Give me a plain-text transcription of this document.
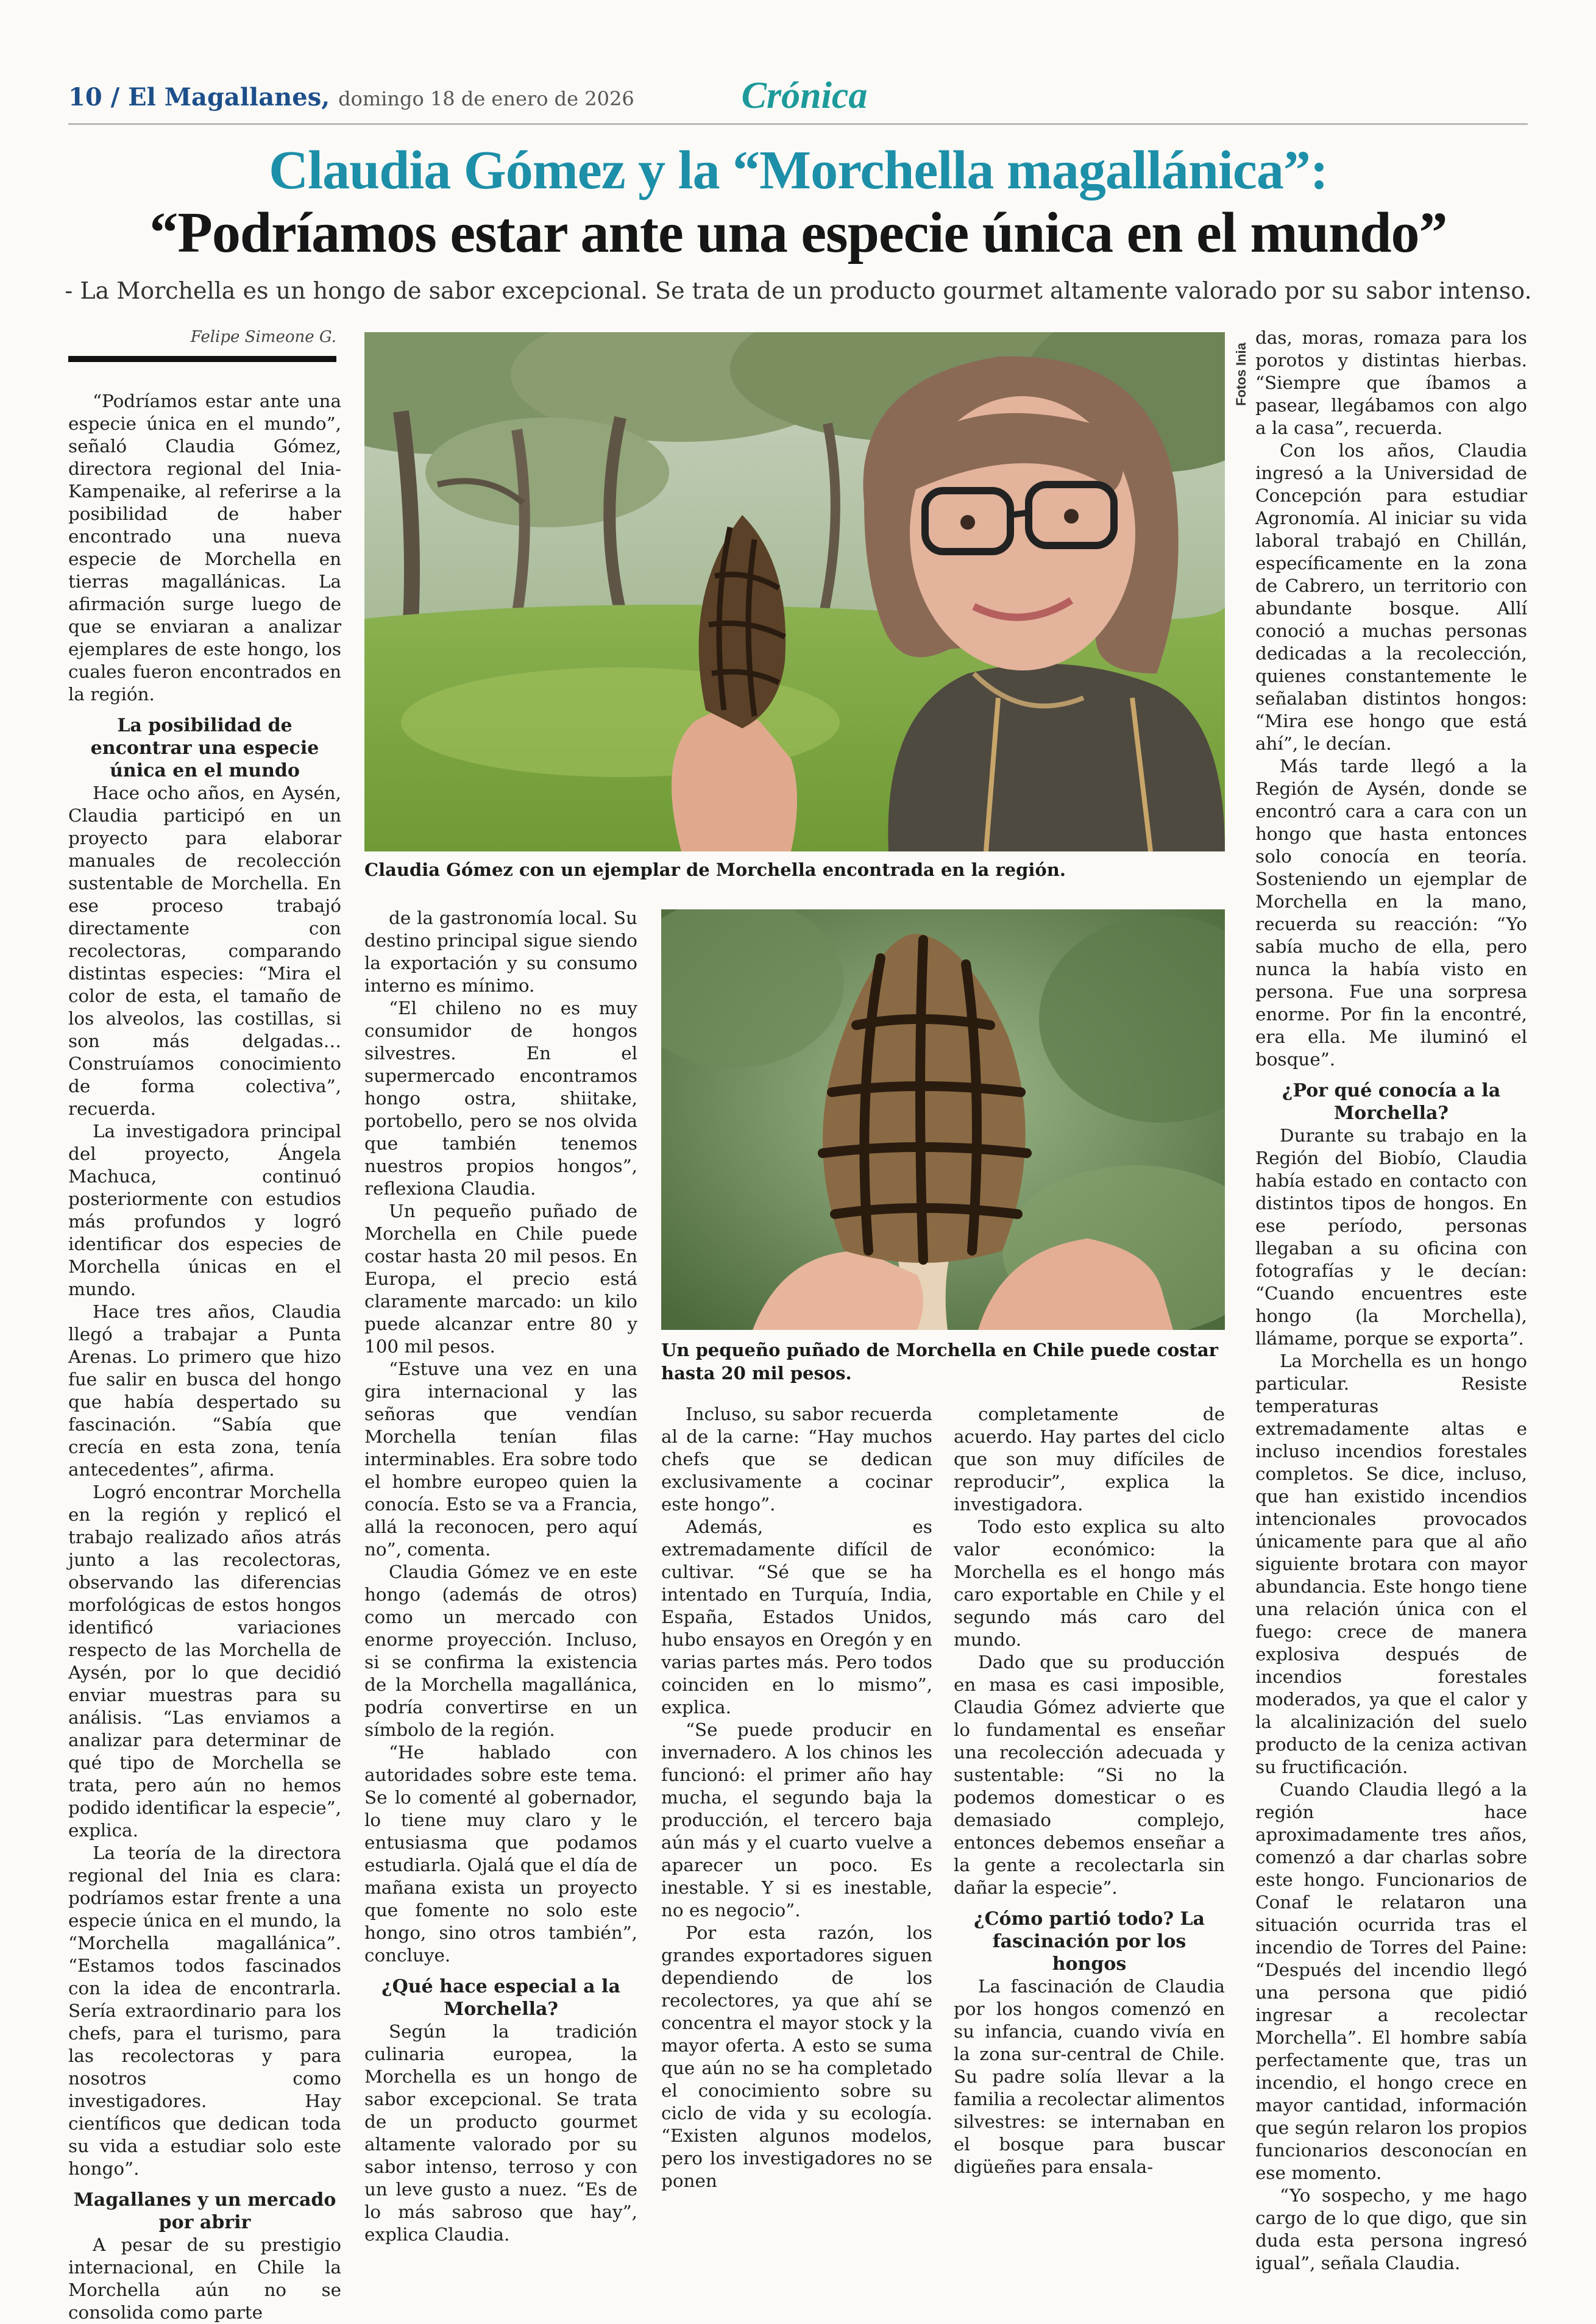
10 / El Magallanes, domingo 18 de enero de 2026	Crónica
Claudia Gómez y la “Morchella magallánica”:
“Podríamos estar ante una especie única en el mundo”
- La Morchella es un hongo de sabor excepcional. Se trata de un producto gourmet altamente valorado por su sabor intenso.
Felipe Simeone G.
Fotos Inia
Claudia Gómez con un ejemplar de Morchella encontrada en la región.
Un pequeño puñado de Morchella en Chile puede costar hasta 20 mil pesos.

“Podríamos estar ante una especie única en el mundo”, señaló Claudia Gómez, directora regional del Inia-Kampenaike, al referirse a la posibilidad de haber encontrado una nueva especie de Morchella en tierras magallánicas. La afirmación surge luego de que se enviaran a analizar ejemplares de este hongo, los cuales fueron encontrados en la región.

La posibilidad de encontrar una especie única en el mundo

Hace ocho años, en Aysén, Claudia participó en un proyecto para elaborar manuales de recolección sustentable de Morchella. En ese proceso trabajó directamente con recolectoras, comparando distintas especies: “Mira el color de esta, el tamaño de los alveolos, las costillas, si son más delgadas… Construíamos conocimiento de forma colectiva”, recuerda.

La investigadora principal del proyecto, Ángela Machuca, continuó posteriormente con estudios más profundos y logró identificar dos especies de Morchella únicas en el mundo.

Hace tres años, Claudia llegó a trabajar a Punta Arenas. Lo primero que hizo fue salir en busca del hongo que había despertado su fascinación. “Sabía que crecía en esta zona, tenía antecedentes”, afirma.

Logró encontrar Morchella en la región y replicó el trabajo realizado años atrás junto a las recolectoras, observando las diferencias morfológicas de estos hongos identificó variaciones respecto de las Morchella de Aysén, por lo que decidió enviar muestras para su análisis. “Las enviamos a analizar para determinar de qué tipo de Morchella se trata, pero aún no hemos podido identificar la especie”, explica.

La teoría de la directora regional del Inia es clara: podríamos estar frente a una especie única en el mundo, la “Morchella magallánica”. “Estamos todos fascinados con la idea de encontrarla. Sería extraordinario para los chefs, para el turismo, para las recolectoras y para nosotros como investigadores. Hay científicos que dedican toda su vida a estudiar solo este hongo”.

Magallanes y un mercado por abrir

A pesar de su prestigio internacional, en Chile la Morchella aún no se consolida como parte

de la gastronomía local. Su destino principal sigue siendo la exportación y su consumo interno es mínimo.

“El chileno no es muy consumidor de hongos silvestres. En el supermercado encontramos hongo ostra, shiitake, portobello, pero se nos olvida que también tenemos nuestros propios hongos”, reflexiona Claudia.

Un pequeño puñado de Morchella en Chile puede costar hasta 20 mil pesos. En Europa, el precio está claramente marcado: un kilo puede alcanzar entre 80 y 100 mil pesos.

“Estuve una vez en una gira internacional y las señoras que vendían Morchella tenían filas interminables. Era sobre todo el hombre europeo quien la conocía. Esto se va a Francia, allá la reconocen, pero aquí no”, comenta.

Claudia Gómez ve en este hongo (además de otros) como un mercado con enorme proyección. Incluso, si se confirma la existencia de la Morchella magallánica, podría convertirse en un símbolo de la región.

“He hablado con autoridades sobre este tema. Se lo comenté al gobernador, lo tiene muy claro y le entusiasma que podamos estudiarla. Ojalá que el día de mañana exista un proyecto que fomente no solo este hongo, sino otros también”, concluye.

¿Qué hace especial a la Morchella?

Según la tradición culinaria europea, la Morchella es un hongo de sabor excepcional. Se trata de un producto gourmet altamente valorado por su sabor intenso, terroso y con un leve gusto a nuez. “Es de lo más sabroso que hay”, explica Claudia.

Incluso, su sabor recuerda al de la carne: “Hay muchos chefs que se dedican exclusivamente a cocinar este hongo”.

Además, es extremadamente difícil de cultivar. “Sé que se ha intentado en Turquía, India, España, Estados Unidos, hubo ensayos en Oregón y en varias partes más. Pero todos coinciden en lo mismo”, explica.

“Se puede producir en invernadero. A los chinos les funcionó: el primer año hay mucha, el segundo baja la producción, el tercero baja aún más y el cuarto vuelve a aparecer un poco. Es inestable. Y si es inestable, no es negocio”.

Por esta razón, los grandes exportadores siguen dependiendo de los recolectores, ya que ahí se concentra el mayor stock y la mayor oferta. A esto se suma que aún no se ha completado el conocimiento sobre su ciclo de vida y su ecología. “Existen algunos modelos, pero los investigadores no se ponen

completamente de acuerdo. Hay partes del ciclo que son muy difíciles de reproducir”, explica la investigadora.

Todo esto explica su alto valor económico: la Morchella es el hongo más caro exportable en Chile y el segundo más caro del mundo.

Dado que su producción en masa es casi imposible, Claudia Gómez advierte que lo fundamental es enseñar una recolección adecuada y sustentable: “Si no la podemos domesticar o es demasiado complejo, entonces debemos enseñar a la gente a recolectarla sin dañar la especie”.

¿Cómo partió todo? La fascinación por los hongos

La fascinación de Claudia por los hongos comenzó en su infancia, cuando vivía en la zona sur-central de Chile. Su padre solía llevar a la familia a recolectar alimentos silvestres: se internaban en el bosque para buscar digüeñes para ensala-

das, moras, romaza para los porotos y distintas hierbas. “Siempre que íbamos a pasear, llegábamos con algo a la casa”, recuerda.

Con los años, Claudia ingresó a la Universidad de Concepción para estudiar Agronomía. Al iniciar su vida laboral trabajó en Chillán, específicamente en la zona de Cabrero, un territorio con abundante bosque. Allí conoció a muchas personas dedicadas a la recolección, quienes constantemente le señalaban distintos hongos: “Mira ese hongo que está ahí”, le decían.

Más tarde llegó a la Región de Aysén, donde se encontró cara a cara con un hongo que hasta entonces solo conocía en teoría. Sosteniendo un ejemplar de Morchella en la mano, recuerda su reacción: “Yo sabía mucho de ella, pero nunca la había visto en persona. Fue una sorpresa enorme. Por fin la encontré, era ella. Me iluminó el bosque”.

¿Por qué conocía a la Morchella?

Durante su trabajo en la Región del Biobío, Claudia había estado en contacto con distintos tipos de hongos. En ese período, personas llegaban a su oficina con fotografías y le decían: “Cuando encuentres este hongo (la Morchella), llámame, porque se exporta”.

La Morchella es un hongo particular. Resiste temperaturas extremadamente altas e incluso incendios forestales completos. Se dice, incluso, que han existido incendios intencionales provocados únicamente para que al año siguiente brotara con mayor abundancia. Este hongo tiene una relación única con el fuego: crece de manera explosiva después de incendios forestales moderados, ya que el calor y la alcalinización del suelo producto de la ceniza activan su fructificación.

Cuando Claudia llegó a la región hace aproximadamente tres años, comenzó a dar charlas sobre este hongo. Funcionarios de Conaf le relataron una situación ocurrida tras el incendio de Torres del Paine: “Después del incendio llegó una persona que pidió ingresar a recolectar Morchella”. El hombre sabía perfectamente que, tras un incendio, el hongo crece en mayor cantidad, información que según relaron los propios funcionarios desconocían en ese momento.

“Yo sospecho, y me hago cargo de lo que digo, que sin duda esta persona ingresó igual”, señala Claudia.
